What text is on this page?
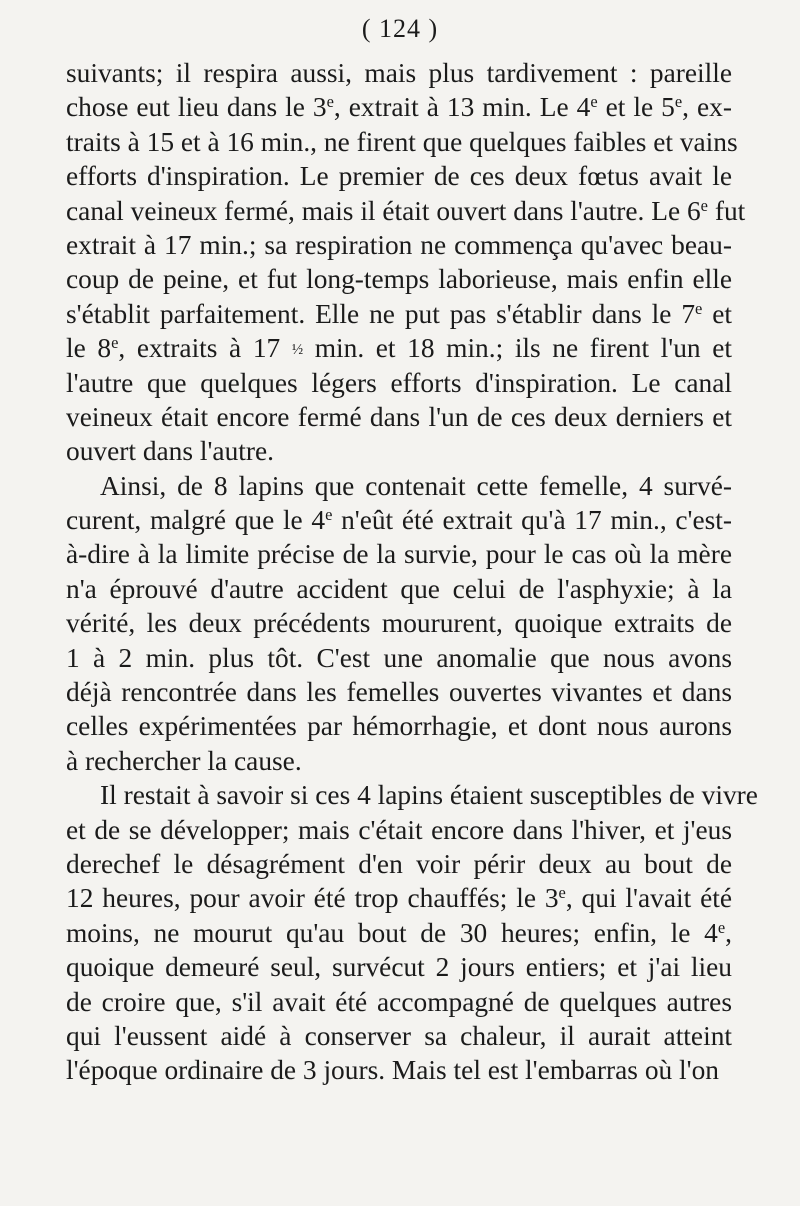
( 124 )
suivants; il respira aussi, mais plus tardivement : pareille
chose eut lieu dans le 3e, extrait à 13 min. Le 4e et le 5e, ex-
traits à 15 et à 16 min., ne firent que quelques faibles et vains
efforts d'inspiration. Le premier de ces deux fœtus avait le
canal veineux fermé, mais il était ouvert dans l'autre. Le 6e fut
extrait à 17 min.; sa respiration ne commença qu'avec beau-
coup de peine, et fut long-temps laborieuse, mais enfin elle
s'établit parfaitement. Elle ne put pas s'établir dans le 7e et
le 8e, extraits à 17 ½ min. et 18 min.; ils ne firent l'un et
l'autre que quelques légers efforts d'inspiration. Le canal
veineux était encore fermé dans l'un de ces deux derniers et
ouvert dans l'autre.
Ainsi, de 8 lapins que contenait cette femelle, 4 survé-
curent, malgré que le 4e n'eût été extrait qu'à 17 min., c'est-
à-dire à la limite précise de la survie, pour le cas où la mère
n'a éprouvé d'autre accident que celui de l'asphyxie; à la
vérité, les deux précédents moururent, quoique extraits de
1 à 2 min. plus tôt. C'est une anomalie que nous avons
déjà rencontrée dans les femelles ouvertes vivantes et dans
celles expérimentées par hémorrhagie, et dont nous aurons
à rechercher la cause.
Il restait à savoir si ces 4 lapins étaient susceptibles de vivre
et de se développer; mais c'était encore dans l'hiver, et j'eus
derechef le désagrément d'en voir périr deux au bout de
12 heures, pour avoir été trop chauffés; le 3e, qui l'avait été
moins, ne mourut qu'au bout de 30 heures; enfin, le 4e,
quoique demeuré seul, survécut 2 jours entiers; et j'ai lieu
de croire que, s'il avait été accompagné de quelques autres
qui l'eussent aidé à conserver sa chaleur, il aurait atteint
l'époque ordinaire de 3 jours. Mais tel est l'embarras où l'on
